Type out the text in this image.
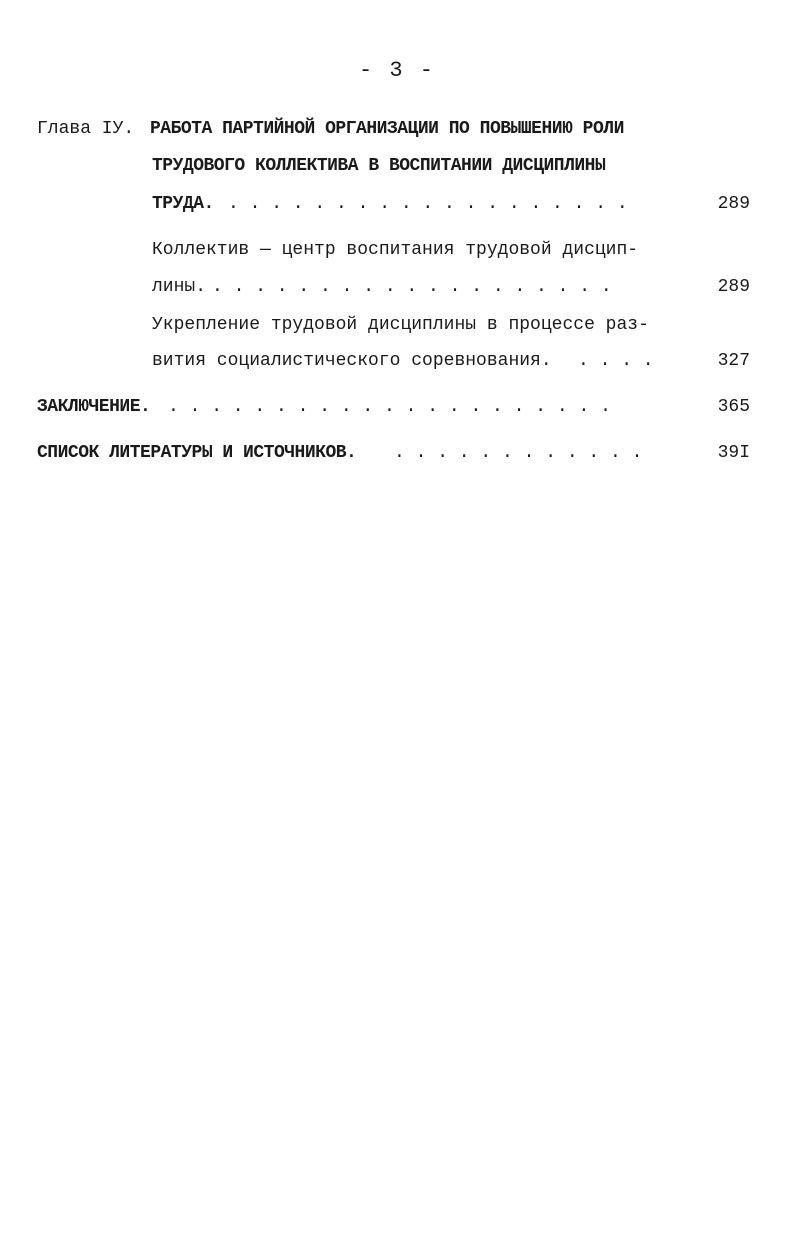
- 3 -
Глава IУ. РАБОТА ПАРТИЙНОЙ ОРГАНИЗАЦИИ ПО ПОВЫШЕНИЮ РОЛИ
ТРУДОВОГО КОЛЛЕКТИВА В ВОСПИТАНИИ ДИСЦИПЛИНЫ
ТРУДА. . . . . . . . . . . . . . . . . . . .	289
Коллектив — центр воспитания трудовой дисцип-
лины. . . . . . . . . . . . . . . . . . . .	289
Укрепление трудовой дисциплины в процессе раз-
вития социалистического соревнования. . . . .	327
ЗАКЛЮЧЕНИЕ. . . . . . . . . . . . . . . . . . . . . .	365
СПИСОК ЛИТЕРАТУРЫ И ИСТОЧНИКОВ. . . . . . . . . . . . .	39I
